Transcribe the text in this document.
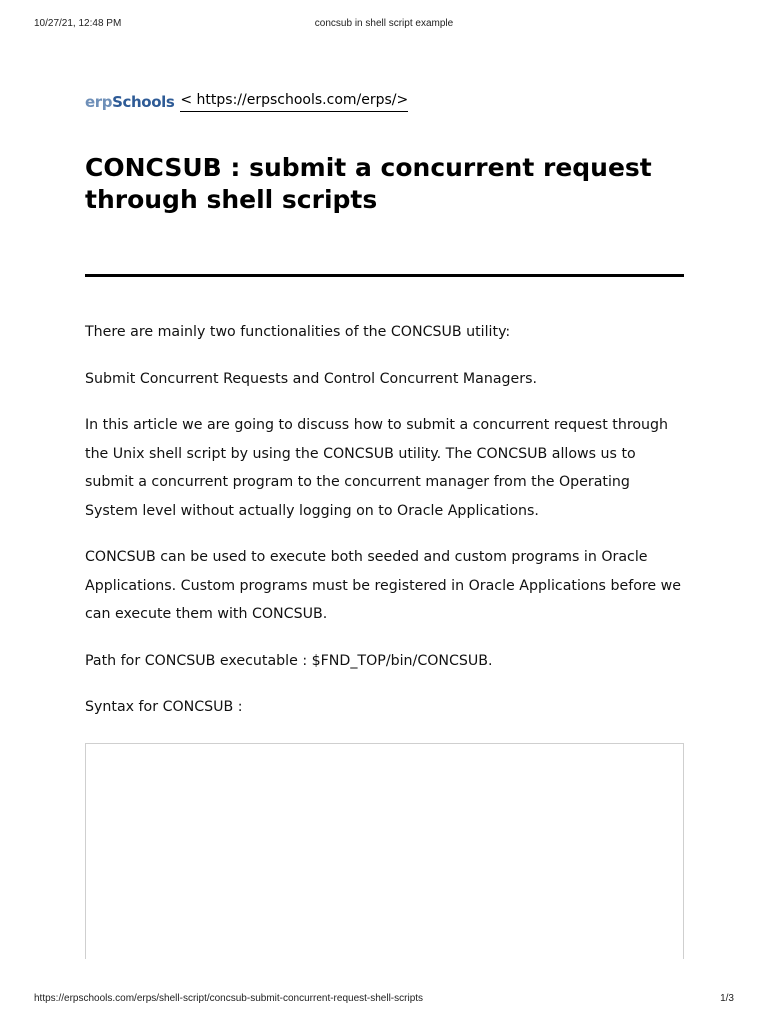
10/27/21, 12:48 PM	concsub in shell script example
erpSchools < https://erpschools.com/erps/>
CONCSUB : submit a concurrent request through shell scripts

There are mainly two functionalities of the CONCSUB utility:

Submit Concurrent Requests and Control Concurrent Managers.

In this article we are going to discuss how to submit a concurrent request through the Unix shell script by using the CONCSUB utility. The CONCSUB allows us to submit a concurrent program to the concurrent manager from the Operating System level without actually logging on to Oracle Applications.

CONCSUB can be used to execute both seeded and custom programs in Oracle Applications. Custom programs must be registered in Oracle Applications before we can execute them with CONCSUB.

Path for CONCSUB executable : $FND_TOP/bin/CONCSUB.

Syntax for CONCSUB :

https://erpschools.com/erps/shell-script/concsub-submit-concurrent-request-shell-scripts	1/3
